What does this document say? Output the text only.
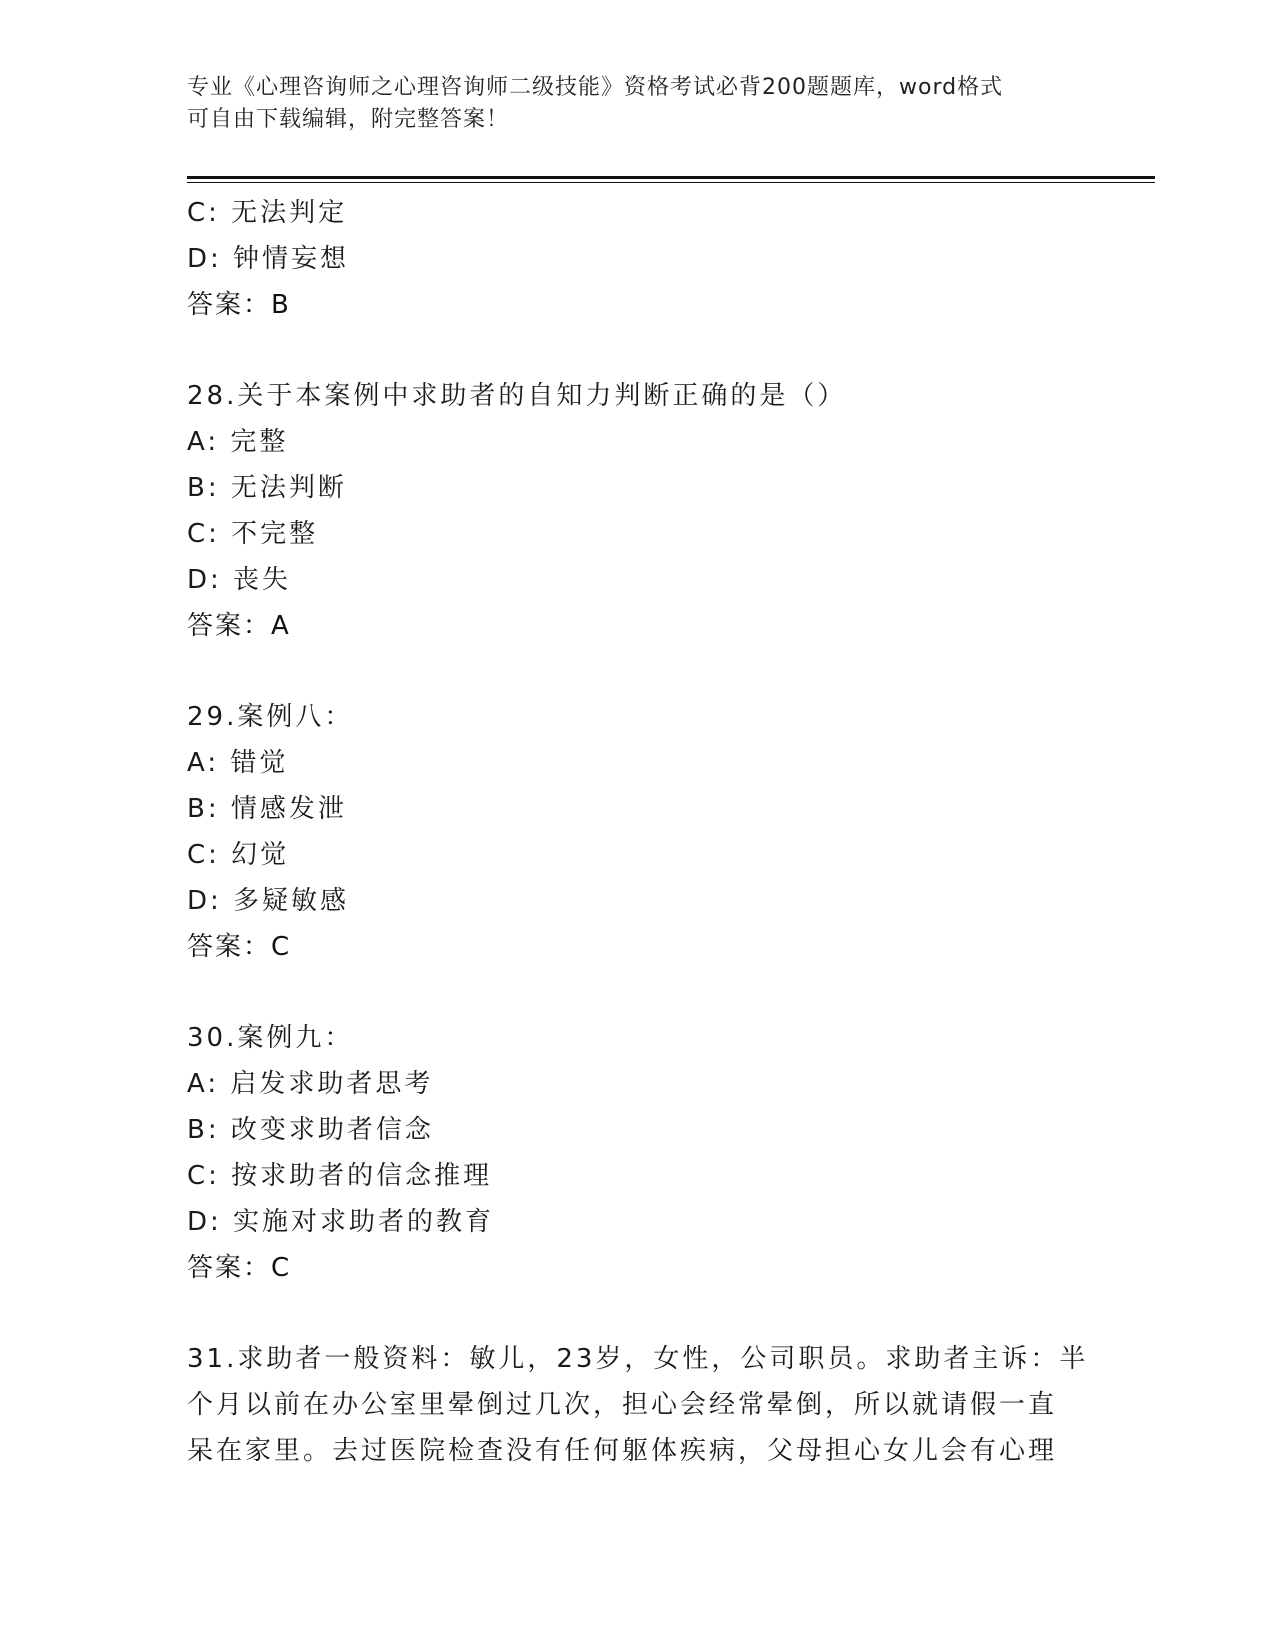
专业《心理咨询师之心理咨询师二级技能》资格考试必背200题题库，word格式
可自由下载编辑，附完整答案！
C: 无法判定
D: 钟情妄想
答案：B
28.关于本案例中求助者的自知力判断正确的是（）
A: 完整
B: 无法判断
C: 不完整
D: 丧失
答案：A
29.案例八：
A: 错觉
B: 情感发泄
C: 幻觉
D: 多疑敏感
答案：C
30.案例九：
A: 启发求助者思考
B: 改变求助者信念
C: 按求助者的信念推理
D: 实施对求助者的教育
答案：C
31.求助者一般资料：敏儿，23岁，女性，公司职员。求助者主诉：半
个月以前在办公室里晕倒过几次，担心会经常晕倒，所以就请假一直
呆在家里。去过医院检查没有任何躯体疾病，父母担心女儿会有心理
